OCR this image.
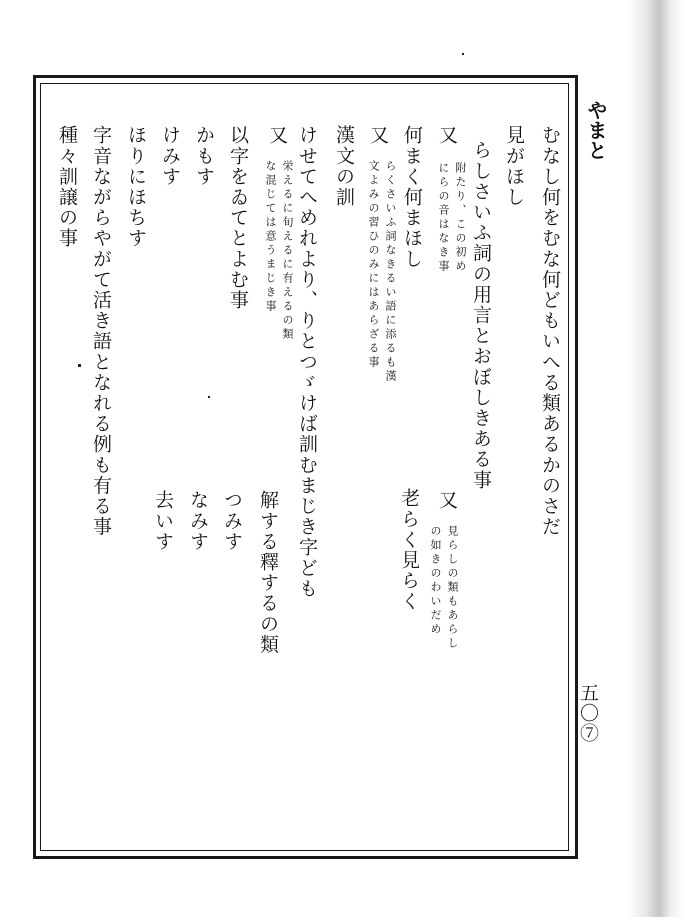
やまと
五〇⑦
むなし何をむな何どもいへる類あるかのさだ
見がほし
らしさいふ詞の用言とおぼしきある事
又
附たり、この初め
にらの音はなき事
又
見らしの類もあらし
の如きのわいだめ
何まく何まほし
老らく見らく
又
らくさいふ詞なきるい語に添るも漢
文よみの習ひのみにはあらざる事
漢文の訓
けせてへめれより、りとつゞけば訓むまじき字ども
又
栄えるに旬えるに有えるの類
な混じては意うまじき事
解する釋するの類
以字をゐてとよむ事
つみす
かもす
なみす
けみす
去いす
ほりにほちす
字音ながらやがて活き語となれる例も有る事
種々訓譲の事
